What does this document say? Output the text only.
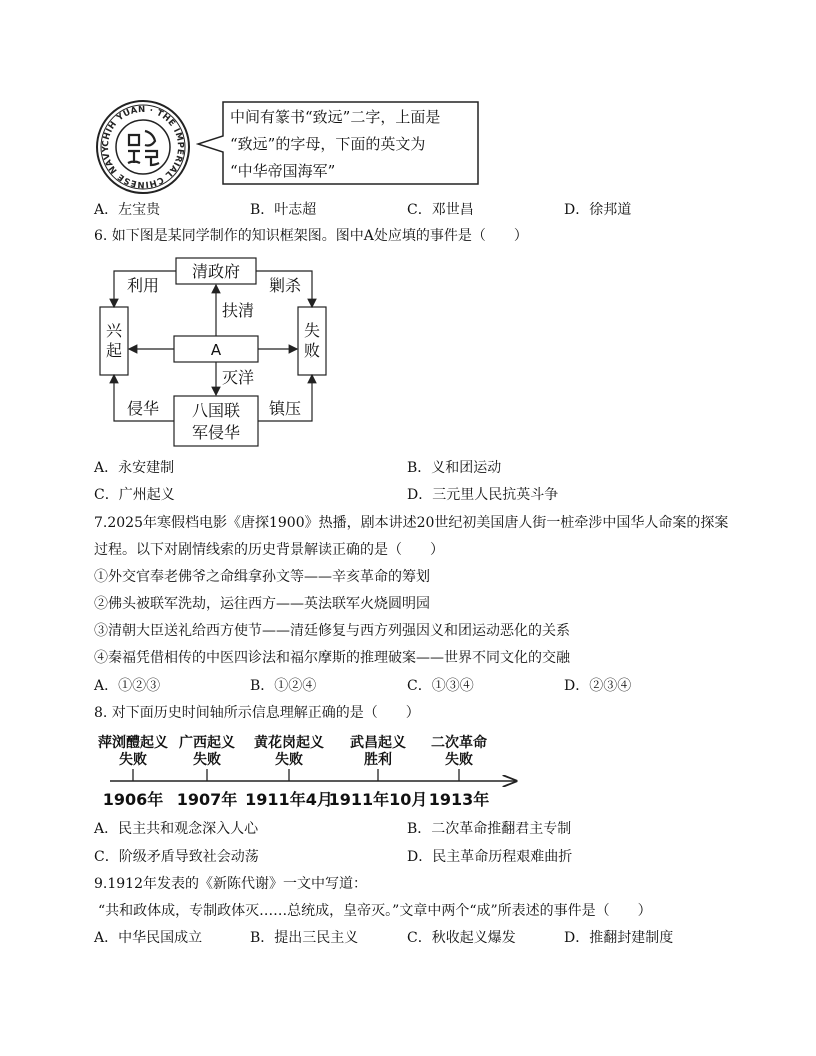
CHIH YUAN · THE IMPERIAL CHINESE NAVY
中间有篆书“致远”二字，上面是
“致远”的字母，下面的英文为
“中华帝国海军”
A．左宝贵	B．叶志超	C．邓世昌	D．徐邦道
6. 如下图是某同学制作的知识框架图。图中A处应填的事件是（　　）
清政府
兴
起
失
败
A
八国联
军侵华
利用	剿杀
侵华	镇压
扶清
灭洋
A．永安建制	B．义和团运动
C．广州起义	D．三元里人民抗英斗争
7.2025年寒假档电影《唐探1900》热播，剧本讲述20世纪初美国唐人街一桩牵涉中国华人命案的探案
过程。以下对剧情线索的历史背景解读正确的是（　　）
①外交官奉老佛爷之命缉拿孙文等——辛亥革命的筹划
②佛头被联军洗劫，运往西方——英法联军火烧圆明园
③清朝大臣送礼给西方使节——清廷修复与西方列强因义和团运动恶化的关系
④秦福凭借相传的中医四诊法和福尔摩斯的推理破案——世界不同文化的交融
A．①②③	B．①②④	C．①③④	D．②③④
8. 对下面历史时间轴所示信息理解正确的是（　　）
萍浏醴起义
失败
1906年
广西起义
失败
1907年
黄花岗起义
失败
1911年4月
武昌起义
胜利
1911年10月
二次革命
失败
1913年
A．民主共和观念深入人心	B．二次革命推翻君主专制
C．阶级矛盾导致社会动荡	D．民主革命历程艰难曲折
9.1912年发表的《新陈代谢》一文中写道：
“共和政体成，专制政体灭……总统成，皇帝灭。”文章中两个“成”所表述的事件是（　　）
A．中华民国成立	B．提出三民主义	C．秋收起义爆发	D．推翻封建制度
